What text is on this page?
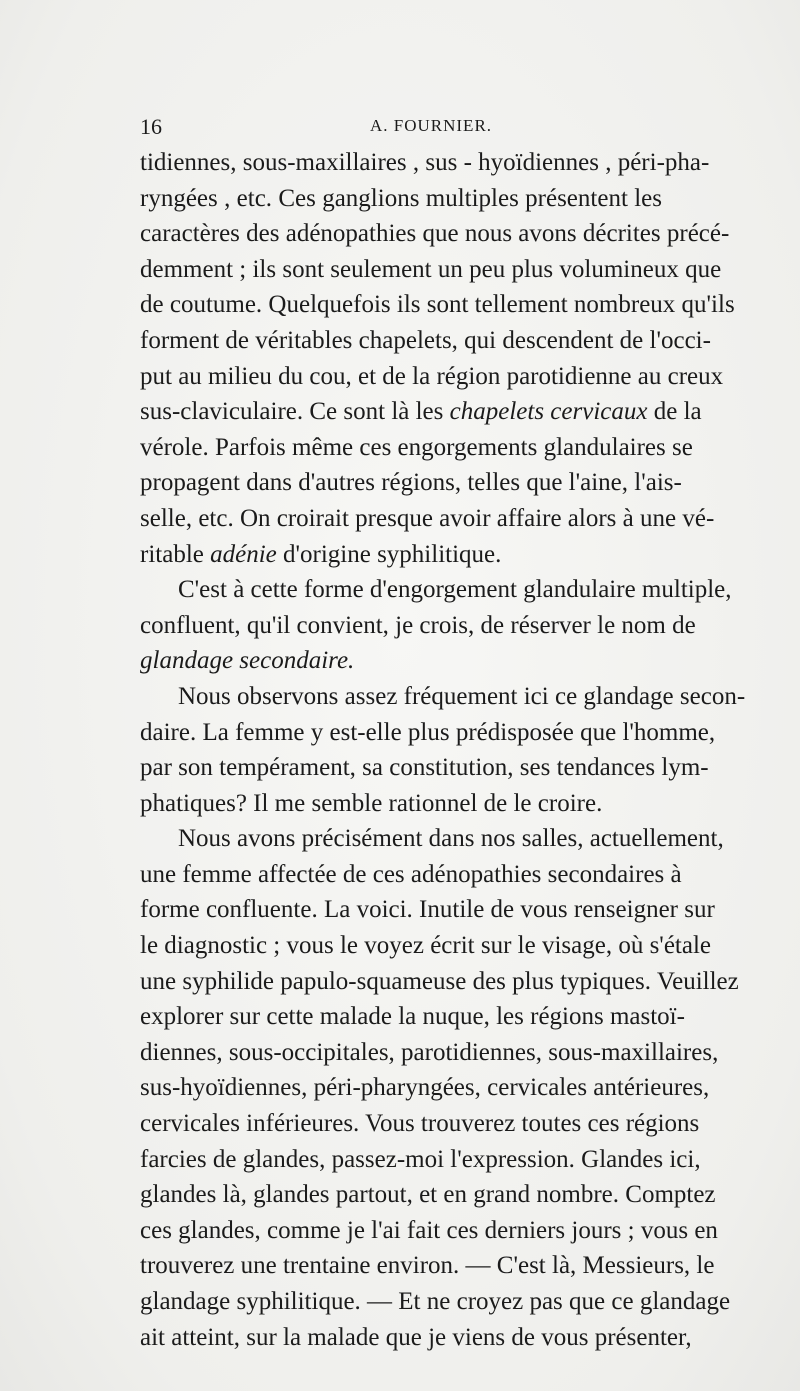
16	A. FOURNIER.
tidiennes, sous-maxillaires , sus - hyoïdiennes , péri-pha-
ryngées , etc. Ces ganglions multiples présentent les
caractères des adénopathies que nous avons décrites précé-
demment ; ils sont seulement un peu plus volumineux que
de coutume. Quelquefois ils sont tellement nombreux qu'ils
forment de véritables chapelets, qui descendent de l'occi-
put au milieu du cou, et de la région parotidienne au creux
sus-claviculaire. Ce sont là les chapelets cervicaux de la
vérole. Parfois même ces engorgements glandulaires se
propagent dans d'autres régions, telles que l'aine, l'ais-
selle, etc. On croirait presque avoir affaire alors à une vé-
ritable adénie d'origine syphilitique.
C'est à cette forme d'engorgement glandulaire multiple,
confluent, qu'il convient, je crois, de réserver le nom de
glandage secondaire.
Nous observons assez fréquement ici ce glandage secon-
daire. La femme y est-elle plus prédisposée que l'homme,
par son tempérament, sa constitution, ses tendances lym-
phatiques? Il me semble rationnel de le croire.
Nous avons précisément dans nos salles, actuellement,
une femme affectée de ces adénopathies secondaires à
forme confluente. La voici. Inutile de vous renseigner sur
le diagnostic ; vous le voyez écrit sur le visage, où s'étale
une syphilide papulo-squameuse des plus typiques. Veuillez
explorer sur cette malade la nuque, les régions mastoï-
diennes, sous-occipitales, parotidiennes, sous-maxillaires,
sus-hyoïdiennes, péri-pharyngées, cervicales antérieures,
cervicales inférieures. Vous trouverez toutes ces régions
farcies de glandes, passez-moi l'expression. Glandes ici,
glandes là, glandes partout, et en grand nombre. Comptez
ces glandes, comme je l'ai fait ces derniers jours ; vous en
trouverez une trentaine environ. — C'est là, Messieurs, le
glandage syphilitique. — Et ne croyez pas que ce glandage
ait atteint, sur la malade que je viens de vous présenter,
